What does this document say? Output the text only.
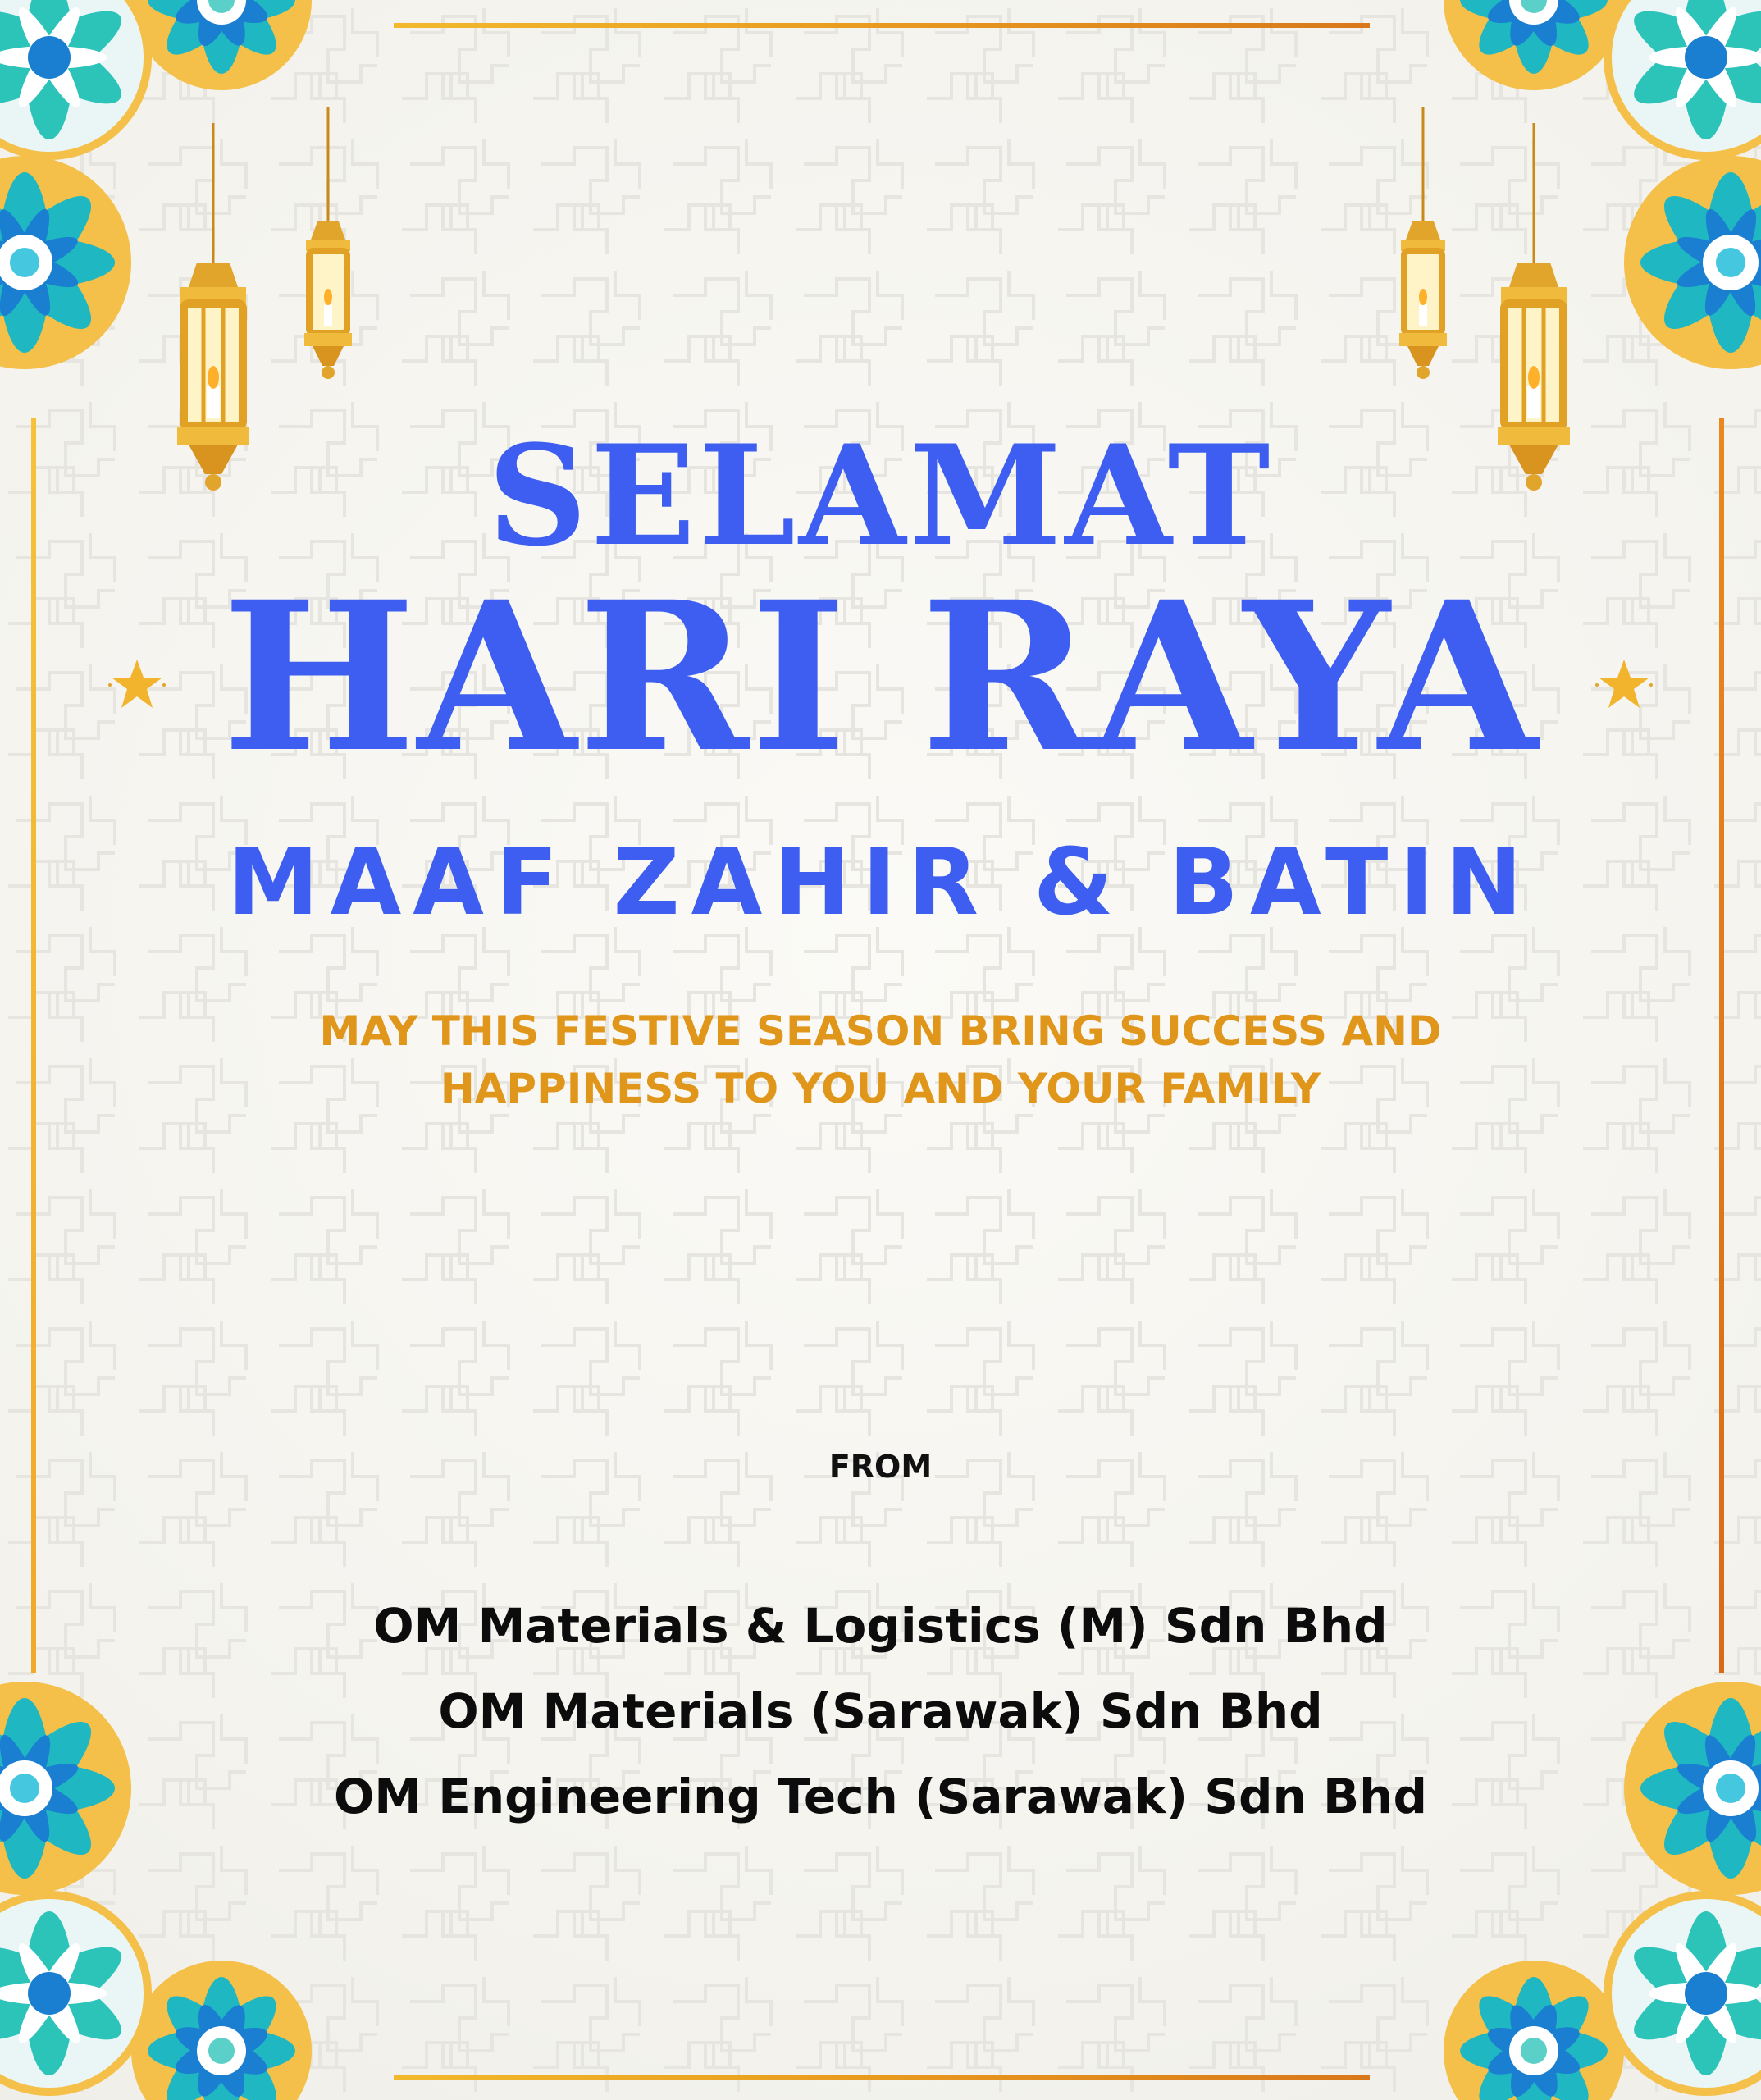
SELAMAT
HARI RAYA
MAAF ZAHIR & BATIN
MAY THIS FESTIVE SEASON BRING SUCCESS AND
HAPPINESS TO YOU AND YOUR FAMILY
FROM
OM Materials & Logistics (M) Sdn Bhd
OM Materials (Sarawak) Sdn Bhd
OM Engineering Tech (Sarawak) Sdn Bhd
